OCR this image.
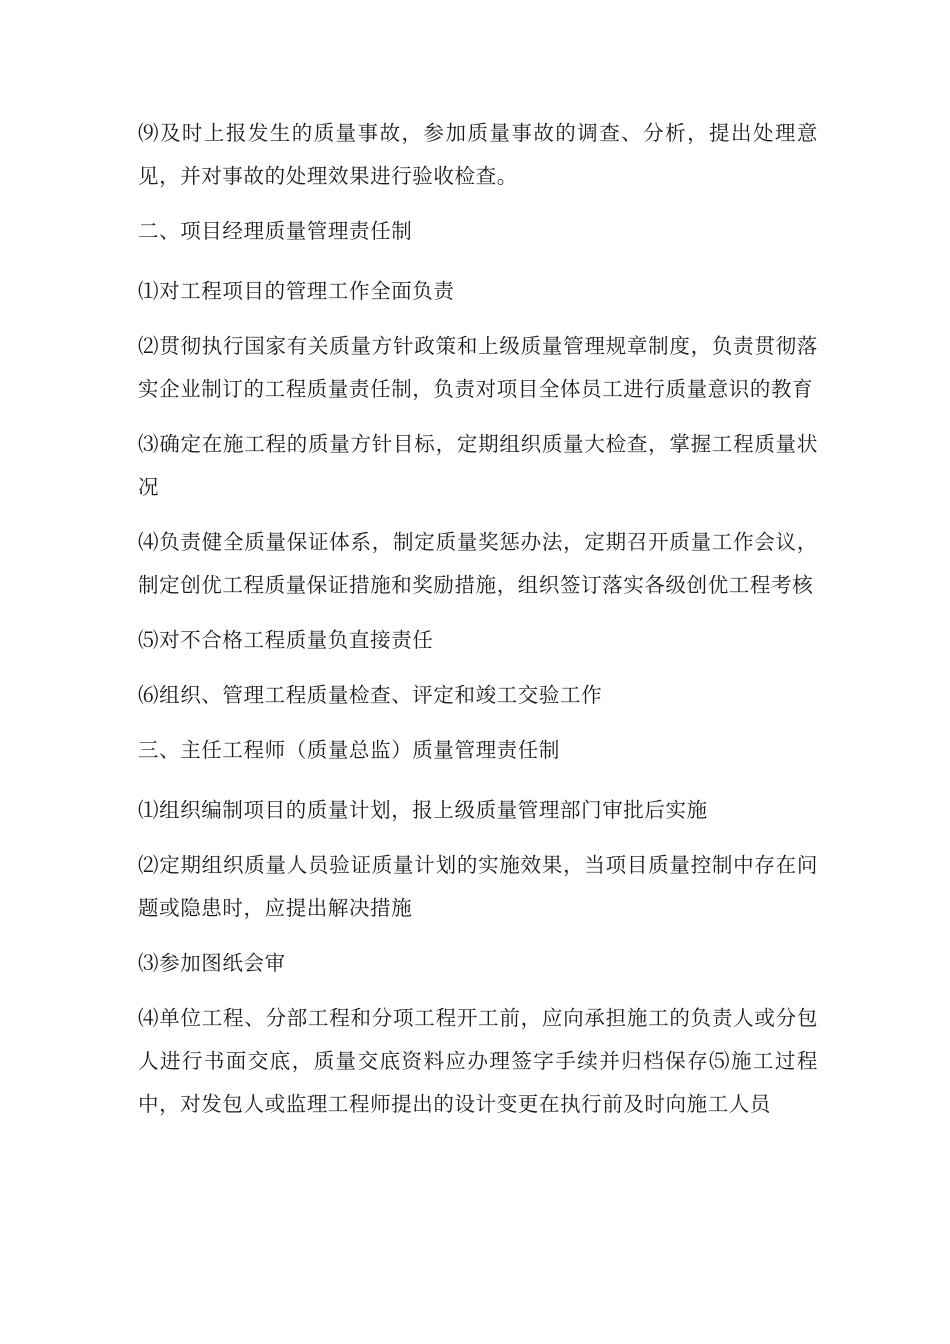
⑼及时上报发生的质量事故，参加质量事故的调查、分析，提出处理意见，并对事故的处理效果进行验收检查。

二、项目经理质量管理责任制

⑴对工程项目的管理工作全面负责

⑵贯彻执行国家有关质量方针政策和上级质量管理规章制度，负责贯彻落实企业制订的工程质量责任制，负责对项目全体员工进行质量意识的教育

⑶确定在施工程的质量方针目标，定期组织质量大检查，掌握工程质量状况

⑷负责健全质量保证体系，制定质量奖惩办法，定期召开质量工作会议，制定创优工程质量保证措施和奖励措施，组织签订落实各级创优工程考核

⑸对不合格工程质量负直接责任

⑹组织、管理工程质量检查、评定和竣工交验工作

三、主任工程师（质量总监）质量管理责任制

⑴组织编制项目的质量计划，报上级质量管理部门审批后实施

⑵定期组织质量人员验证质量计划的实施效果，当项目质量控制中存在问题或隐患时，应提出解决措施

⑶参加图纸会审

⑷单位工程、分部工程和分项工程开工前，应向承担施工的负责人或分包人进行书面交底，质量交底资料应办理签字手续并归档保存⑸施工过程中，对发包人或监理工程师提出的设计变更在执行前及时向施工人员
